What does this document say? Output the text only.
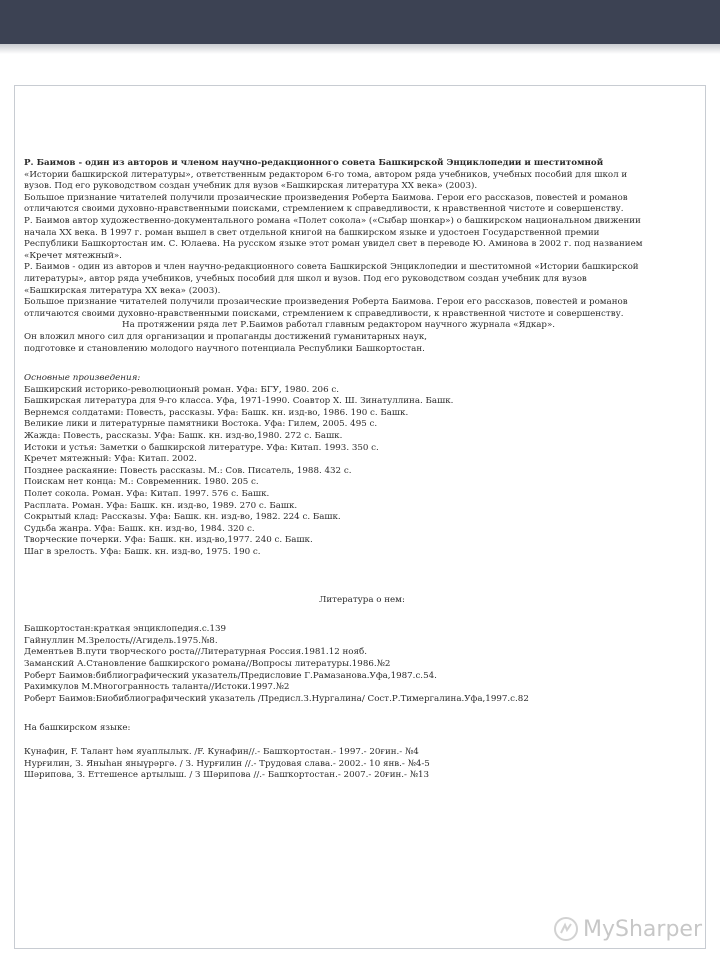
Р. Баимов - один из авторов и членом научно-редакционного совета Башкирской Энциклопедии и шеститомной

«Истории башкирской литературы», ответственным редактором 6-го тома, автором ряда учебников, учебных пособий для школ и

вузов. Под его руководством создан учебник для вузов «Башкирская литература XX века» (2003).

Большое признание читателей получили прозаические произведения Роберта Баимова. Герои его рассказов, повестей и романов

отличаются своими духовно-нравственными поисками, стремлением к справедливости, к нравственной чистоте и совершенству.

Р. Баимов автор художественно-документального романа «Полет сокола» («Сыбар шонкар») о башкирском национальном движении

начала XX века. В 1997 г. роман вышел в свет отдельной книгой на башкирском языке и удостоен Государственной премии

Республики Башкортостан им. С. Юлаева. На русском языке этот роман увидел свет в переводе Ю. Аминова в 2002 г. под названием

«Кречет мятежный».

Р. Баимов - один из авторов и член научно-редакционного совета Башкирской Энциклопедии и шеститомной «Истории башкирской

литературы», автор ряда учебников, учебных пособий для школ и вузов. Под его руководством создан учебник для вузов

«Башкирская литература XX века» (2003).

Большое признание читателей получили прозаические произведения Роберта Баимова. Герои его рассказов, повестей и романов

отличаются своими духовно-нравственными поисками, стремлением к справедливости, к нравственной чистоте и совершенству.

На протяжении ряда лет Р.Баимов работал главным редактором научного журнала «Ядкар».

Он вложил много сил для организации и пропаганды достижений гуманитарных наук,

подготовке и становлению молодого научного потенциала Республики Башкортостан.

Основные произведения:

Башкирский историко-революционый роман. Уфа: БГУ, 1980. 206 с.

Башкирская литература для 9-го класса. Уфа, 1971-1990. Соавтор Х. Ш. Зинатуллина. Башк.

Вернемся солдатами: Повесть, рассказы. Уфа: Башк. кн. изд-во, 1986. 190 с. Башк.

Великие лики и литературные памятники Востока. Уфа: Гилем, 2005. 495 с.

Жажда: Повесть, рассказы. Уфа: Башк. кн. изд-во,1980. 272 с. Башк.

Истоки и устья: Заметки о башкирской литературе. Уфа: Китап. 1993. 350 с.

Кречет мятежный: Уфа: Китап. 2002.

Позднее раскаяние: Повесть рассказы. М.: Сов. Писатель, 1988. 432 с.

Поискам нет конца: М.: Современник. 1980. 205 с.

Полет сокола. Роман. Уфа: Китап. 1997. 576 с. Башк.

Расплата. Роман. Уфа: Башк. кн. изд-во, 1989. 270 с. Башк.

Сокрытый клад: Рассказы. Уфа: Башк. кн. изд-во, 1982. 224 с. Башк.

Судьба жанра. Уфа: Башк. кн. изд-во, 1984. 320 с.

Творческие почерки. Уфа: Башк. кн. изд-во,1977. 240 с. Башк.

Шаг в зрелость. Уфа: Башк. кн. изд-во, 1975. 190 с.

Литература о нем:

Башкортостан:краткая энциклопедия.с.139

Гайнуллин М.Зрелость//Агидель.1975.№8.

Дементьев В.пути творческого роста//Литературная Россия.1981.12 нояб.

Заманский А.Становление башкирского романа//Вопросы литературы.1986.№2

Роберт Баимов:библиографический указатель/Предисловие Г.Рамазанова.Уфа,1987.с.54.

Рахимкулов М.Многогранность таланта//Истоки.1997.№2

Роберт Баимов:Биобиблиографический указатель /Предисл.З.Нургалина/ Сост.Р.Тимергалина.Уфа,1997.с.82

На башкирском языке:

Кунафин, F. Талант hәм яуаплылыҡ. /F. Кунафин//.- Башҡортостан.- 1997.- 20ғин.- №4

Нурғилин, З. Яныһан яныүрәргә. / З. Нурғилин //.- Трудовая слава.- 2002.- 10 янв.- №4-5

Шәрипова, З. Еттешенсе артылыш. / З Шәрипова //.- Башҡортостан.- 2007.- 20ғин.- №13

MySharper
